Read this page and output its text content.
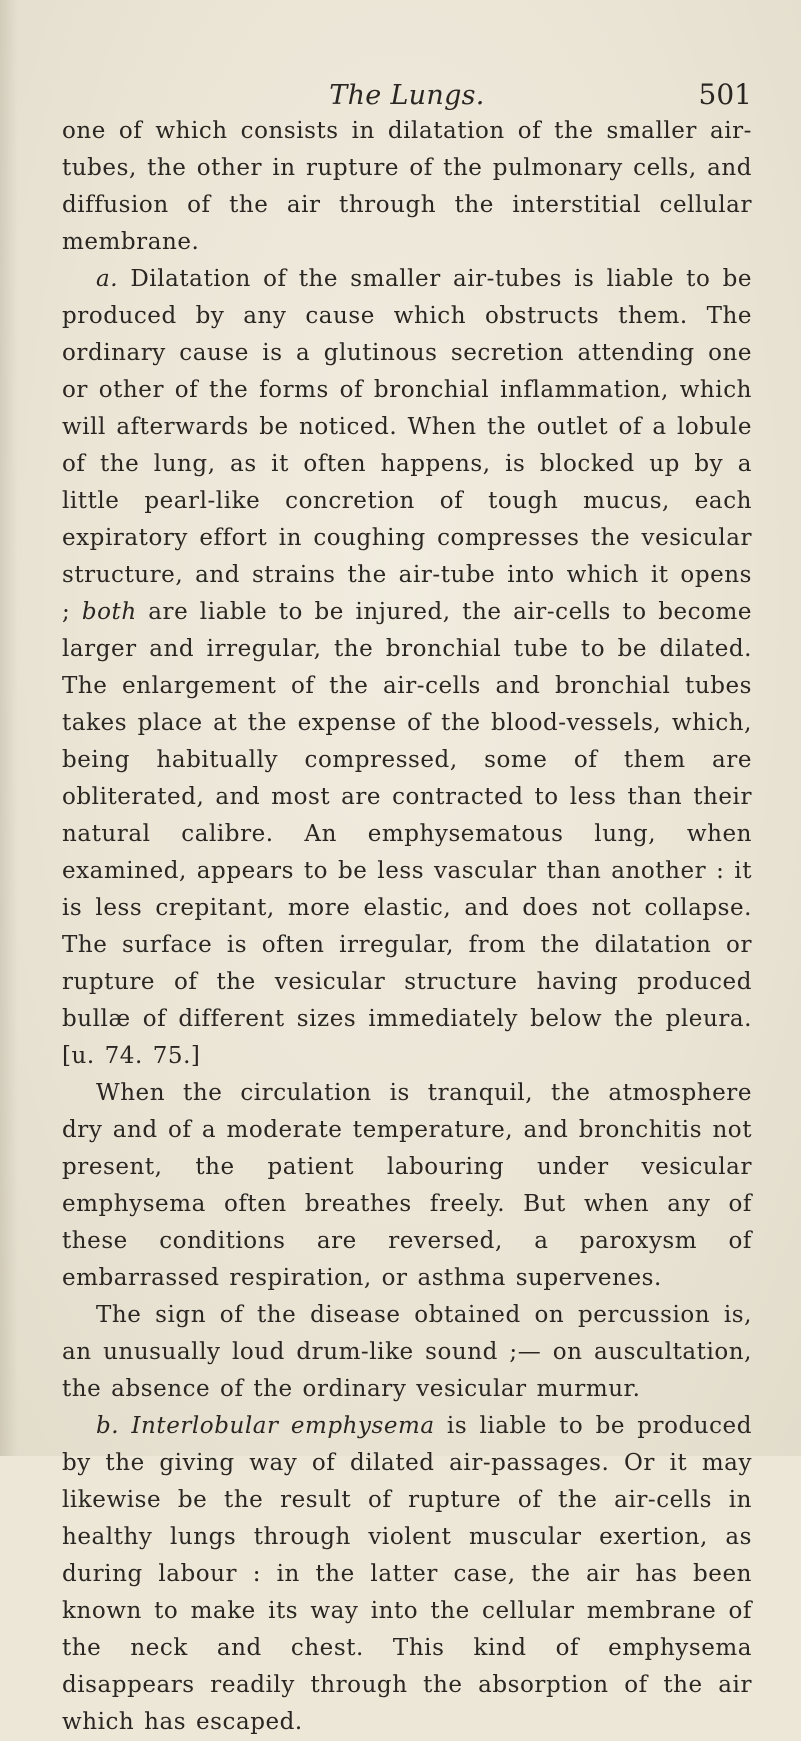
The Lungs.	501

one of which consists in dilatation of the smaller air-tubes, the other in rupture of the pulmonary cells, and diffusion of the air through the interstitial cellular membrane.

a. Dilatation of the smaller air-tubes is liable to be produced by any cause which obstructs them. The ordinary cause is a glutinous secretion attending one or other of the forms of bronchial inflammation, which will afterwards be noticed. When the outlet of a lobule of the lung, as it often happens, is blocked up by a little pearl-like concretion of tough mucus, each expiratory effort in coughing compresses the vesicular structure, and strains the air-tube into which it opens ; both are liable to be injured, the air-cells to become larger and irregular, the bronchial tube to be dilated. The enlargement of the air-cells and bronchial tubes takes place at the expense of the blood-vessels, which, being habitually compressed, some of them are obliterated, and most are contracted to less than their natural calibre. An emphysematous lung, when examined, appears to be less vascular than another : it is less crepitant, more elastic, and does not collapse. The surface is often irregular, from the dilatation or rupture of the vesicular structure having produced bullæ of different sizes immediately below the pleura. [u. 74. 75.]

When the circulation is tranquil, the atmosphere dry and of a moderate temperature, and bronchitis not present, the patient labouring under vesicular emphysema often breathes freely. But when any of these conditions are reversed, a paroxysm of embarrassed respiration, or asthma supervenes.

The sign of the disease obtained on percussion is, an unusually loud drum-like sound ;— on auscultation, the absence of the ordinary vesicular murmur.

b. Interlobular emphysema is liable to be produced by the giving way of dilated air-passages. Or it may likewise be the result of rupture of the air-cells in healthy lungs through violent muscular exertion, as during labour : in the latter case, the air has been known to make its way into the cellular membrane of the neck and chest. This kind of emphysema disappears readily through the absorption of the air which has escaped.
